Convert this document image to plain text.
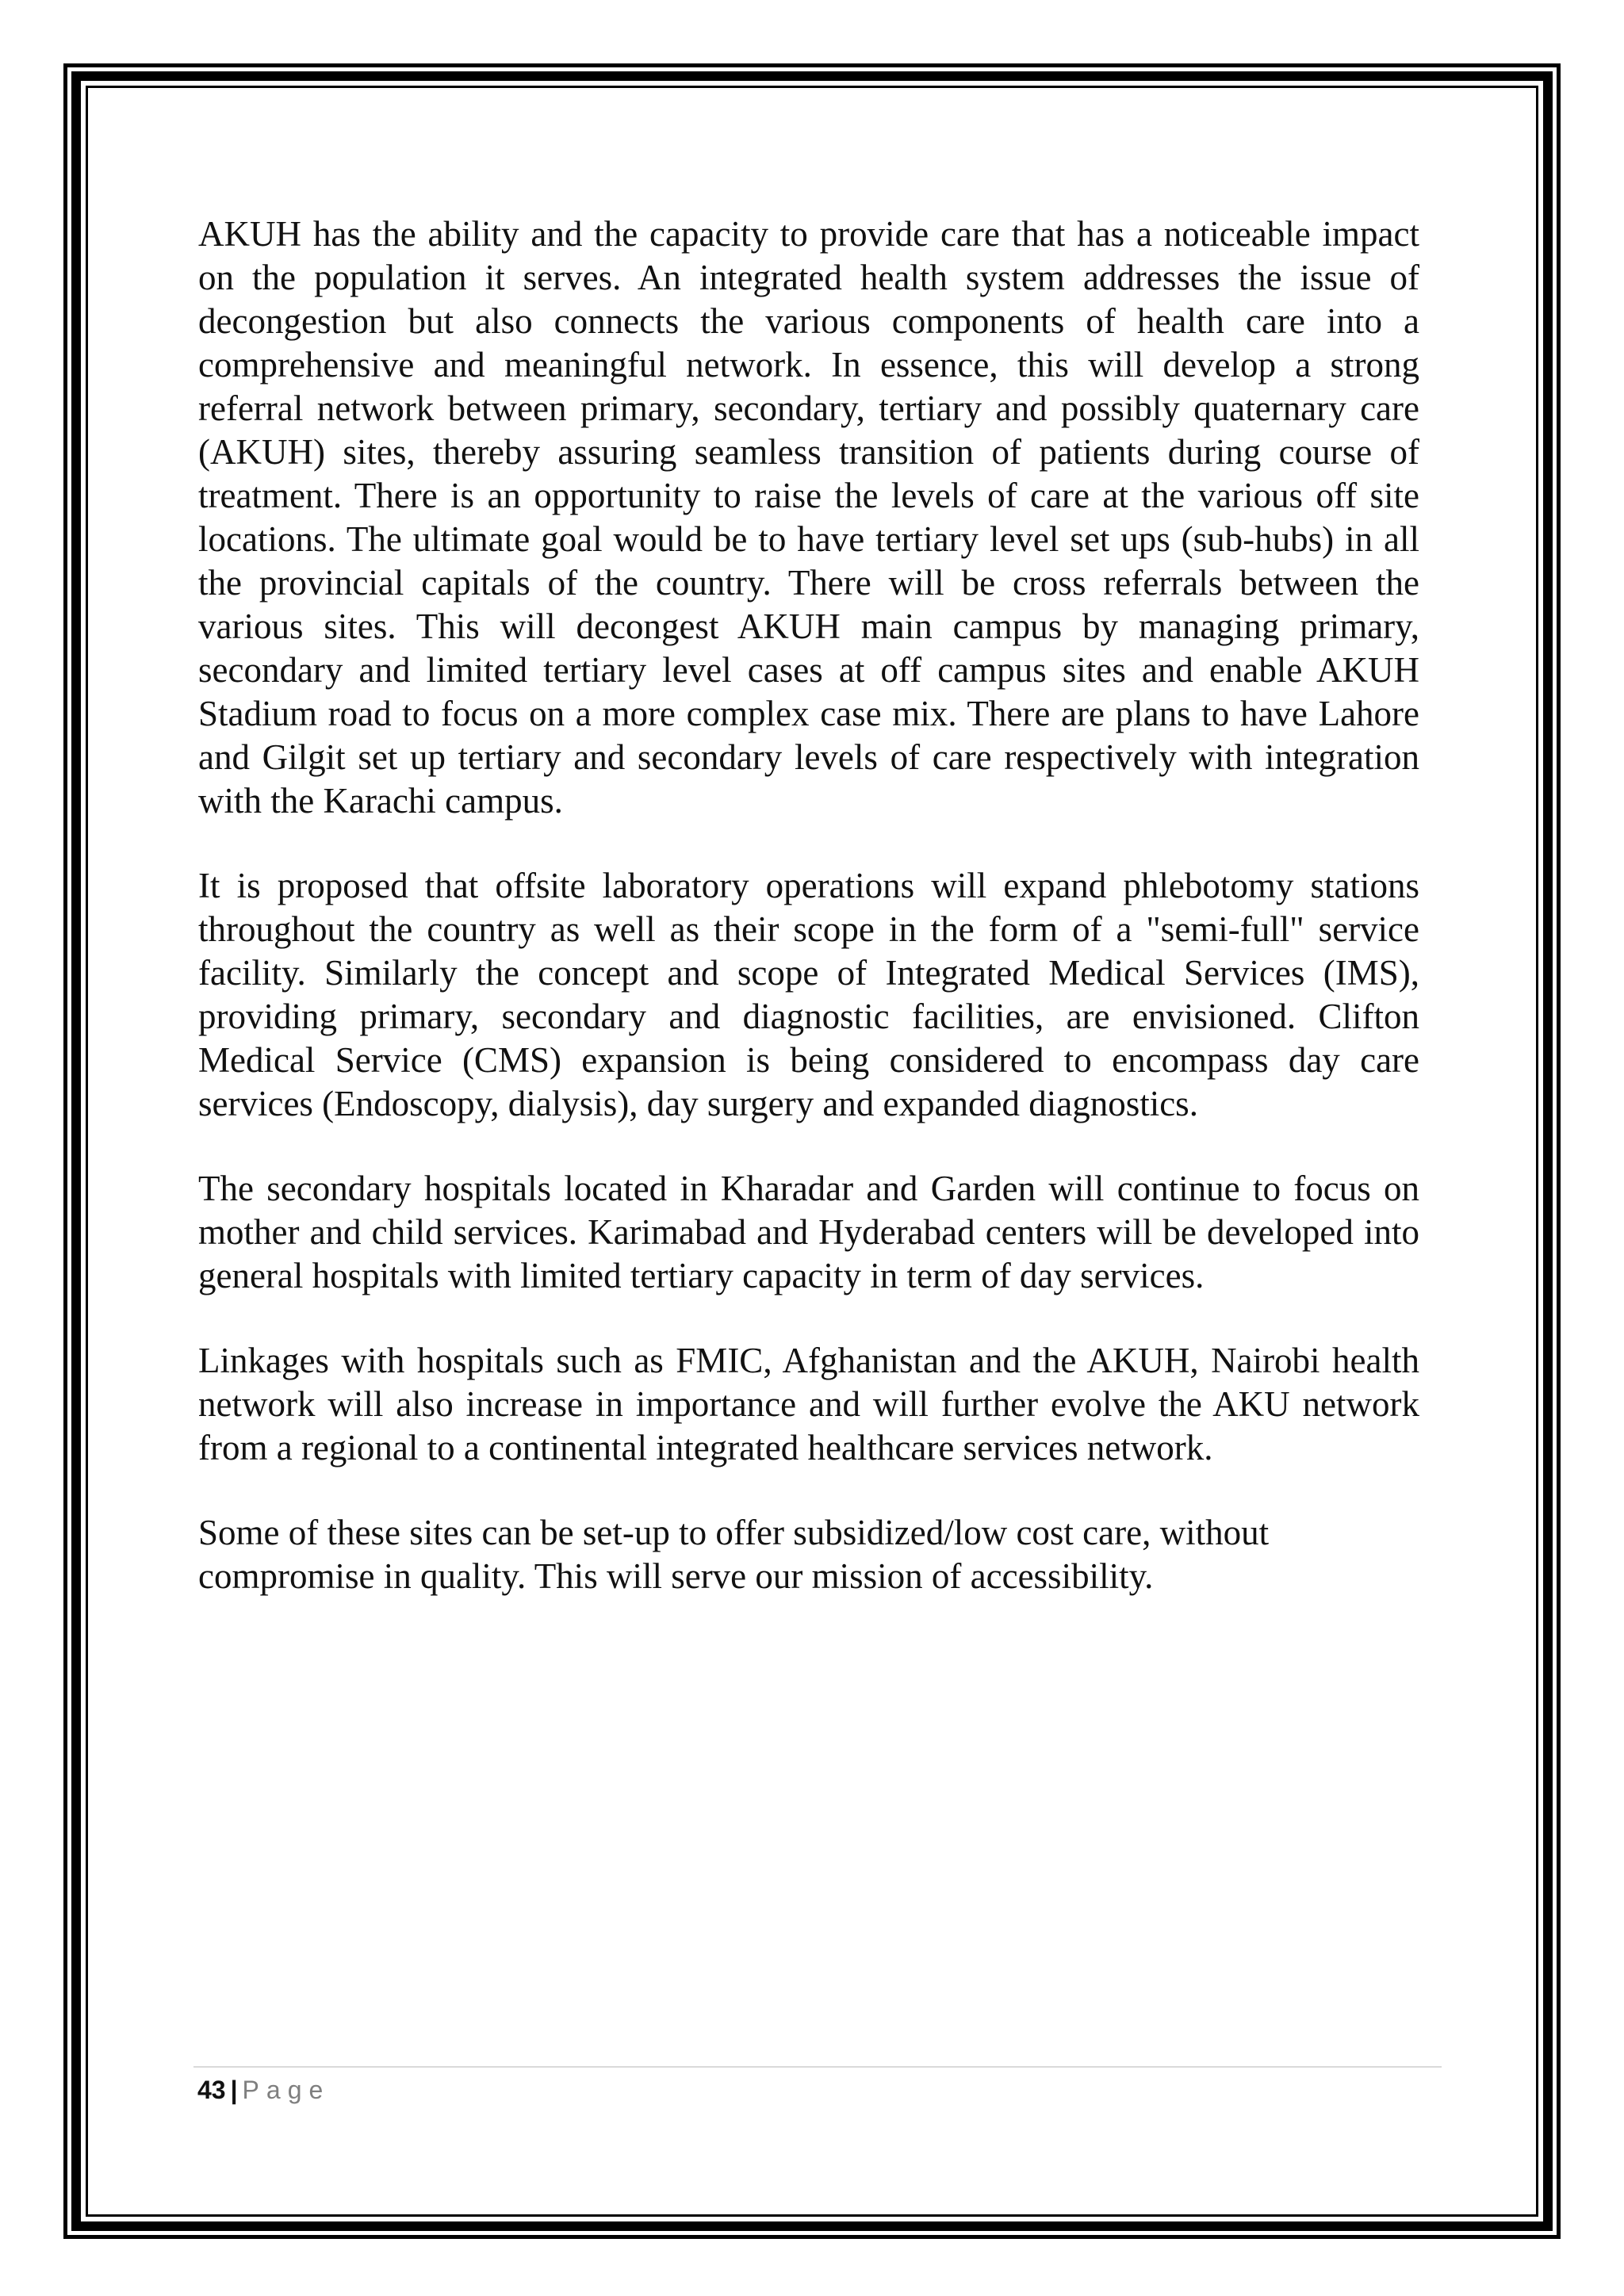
AKUH has the ability and the capacity to provide care that has a noticeable impact on the population it serves. An integrated health system addresses the issue of decongestion but also connects the various components of health care into a comprehensive and meaningful network. In essence, this will develop a strong referral network between primary, secondary, tertiary and possibly quaternary care (AKUH) sites, thereby assuring seamless transition of patients during course of treatment. There is an opportunity to raise the levels of care at the various off site locations. The ultimate goal would be to have tertiary level set ups (sub-hubs) in all the provincial capitals of the country. There will be cross referrals between the various sites. This will decongest AKUH main campus by managing primary, secondary and limited tertiary level cases at off campus sites and enable AKUH Stadium road to focus on a more complex case mix. There are plans to have Lahore and Gilgit set up tertiary and secondary levels of care respectively with integration with the Karachi campus.

It is proposed that offsite laboratory operations will expand phlebotomy stations throughout the country as well as their scope in the form of a "semi-full" service facility. Similarly the concept and scope of Integrated Medical Services (IMS), providing primary, secondary and diagnostic facilities, are envisioned. Clifton Medical Service (CMS) expansion is being considered to encompass day care services (Endoscopy, dialysis), day surgery and expanded diagnostics.

The secondary hospitals located in Kharadar and Garden will continue to focus on mother and child services. Karimabad and Hyderabad centers will be developed into general hospitals with limited tertiary capacity in term of day services.

Linkages with hospitals such as FMIC, Afghanistan and the AKUH, Nairobi health network will also increase in importance and will further evolve the AKU network from a regional to a continental integrated healthcare services network.

Some of these sites can be set-up to offer subsidized/low cost care, without compromise in quality. This will serve our mission of accessibility.

43 | Page
